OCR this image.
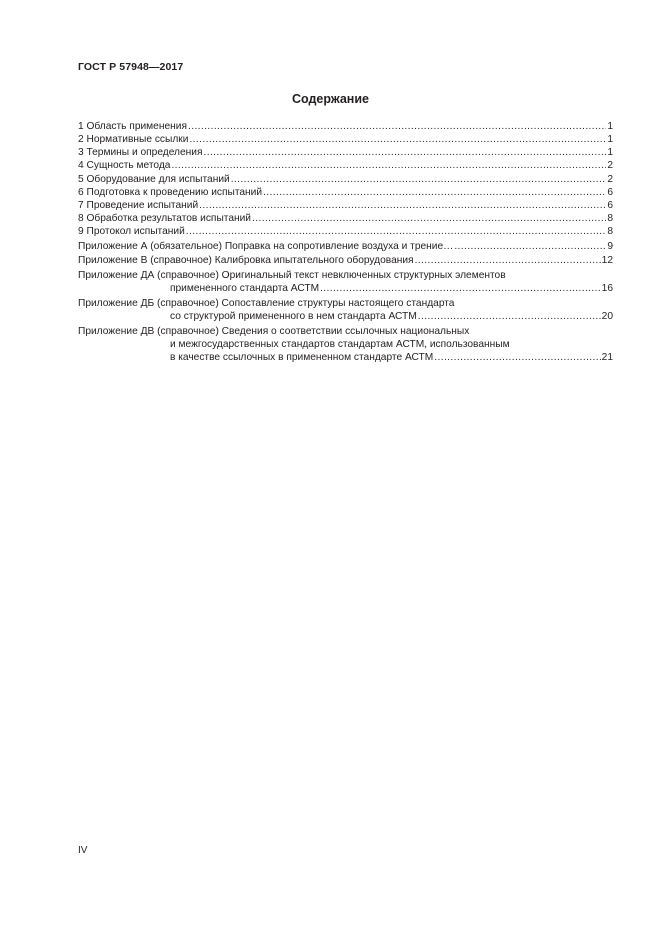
ГОСТ Р 57948—2017
Содержание
1 Область применения .....	1
2 Нормативные ссылки .....	1
3 Термины и определения .....	1
4 Сущность метода .....	2
5 Оборудование для испытаний .....	2
6 Подготовка к проведению испытаний .....	6
7 Проведение испытаний .....	6
8 Обработка результатов испытаний .....	8
9 Протокол испытаний .....	8
Приложение А (обязательное) Поправка на сопротивление воздуха и трение… .....	9
Приложение В (справочное) Калибровка ипытательного оборудования .....	12
Приложение ДА (справочное) Оригинальный текст невключенных структурных элементов
примененного стандарта АСТМ .....	16
Приложение ДБ (справочное) Сопоставление структуры настоящего стандарта
со структурой примененного в нем стандарта АСТМ .....	20
Приложение ДВ (справочное) Сведения о соответствии ссылочных национальных
и межгосударственных стандартов стандартам АСТМ, использованным
в качестве ссылочных в примененном стандарте АСТМ .....	21
IV
